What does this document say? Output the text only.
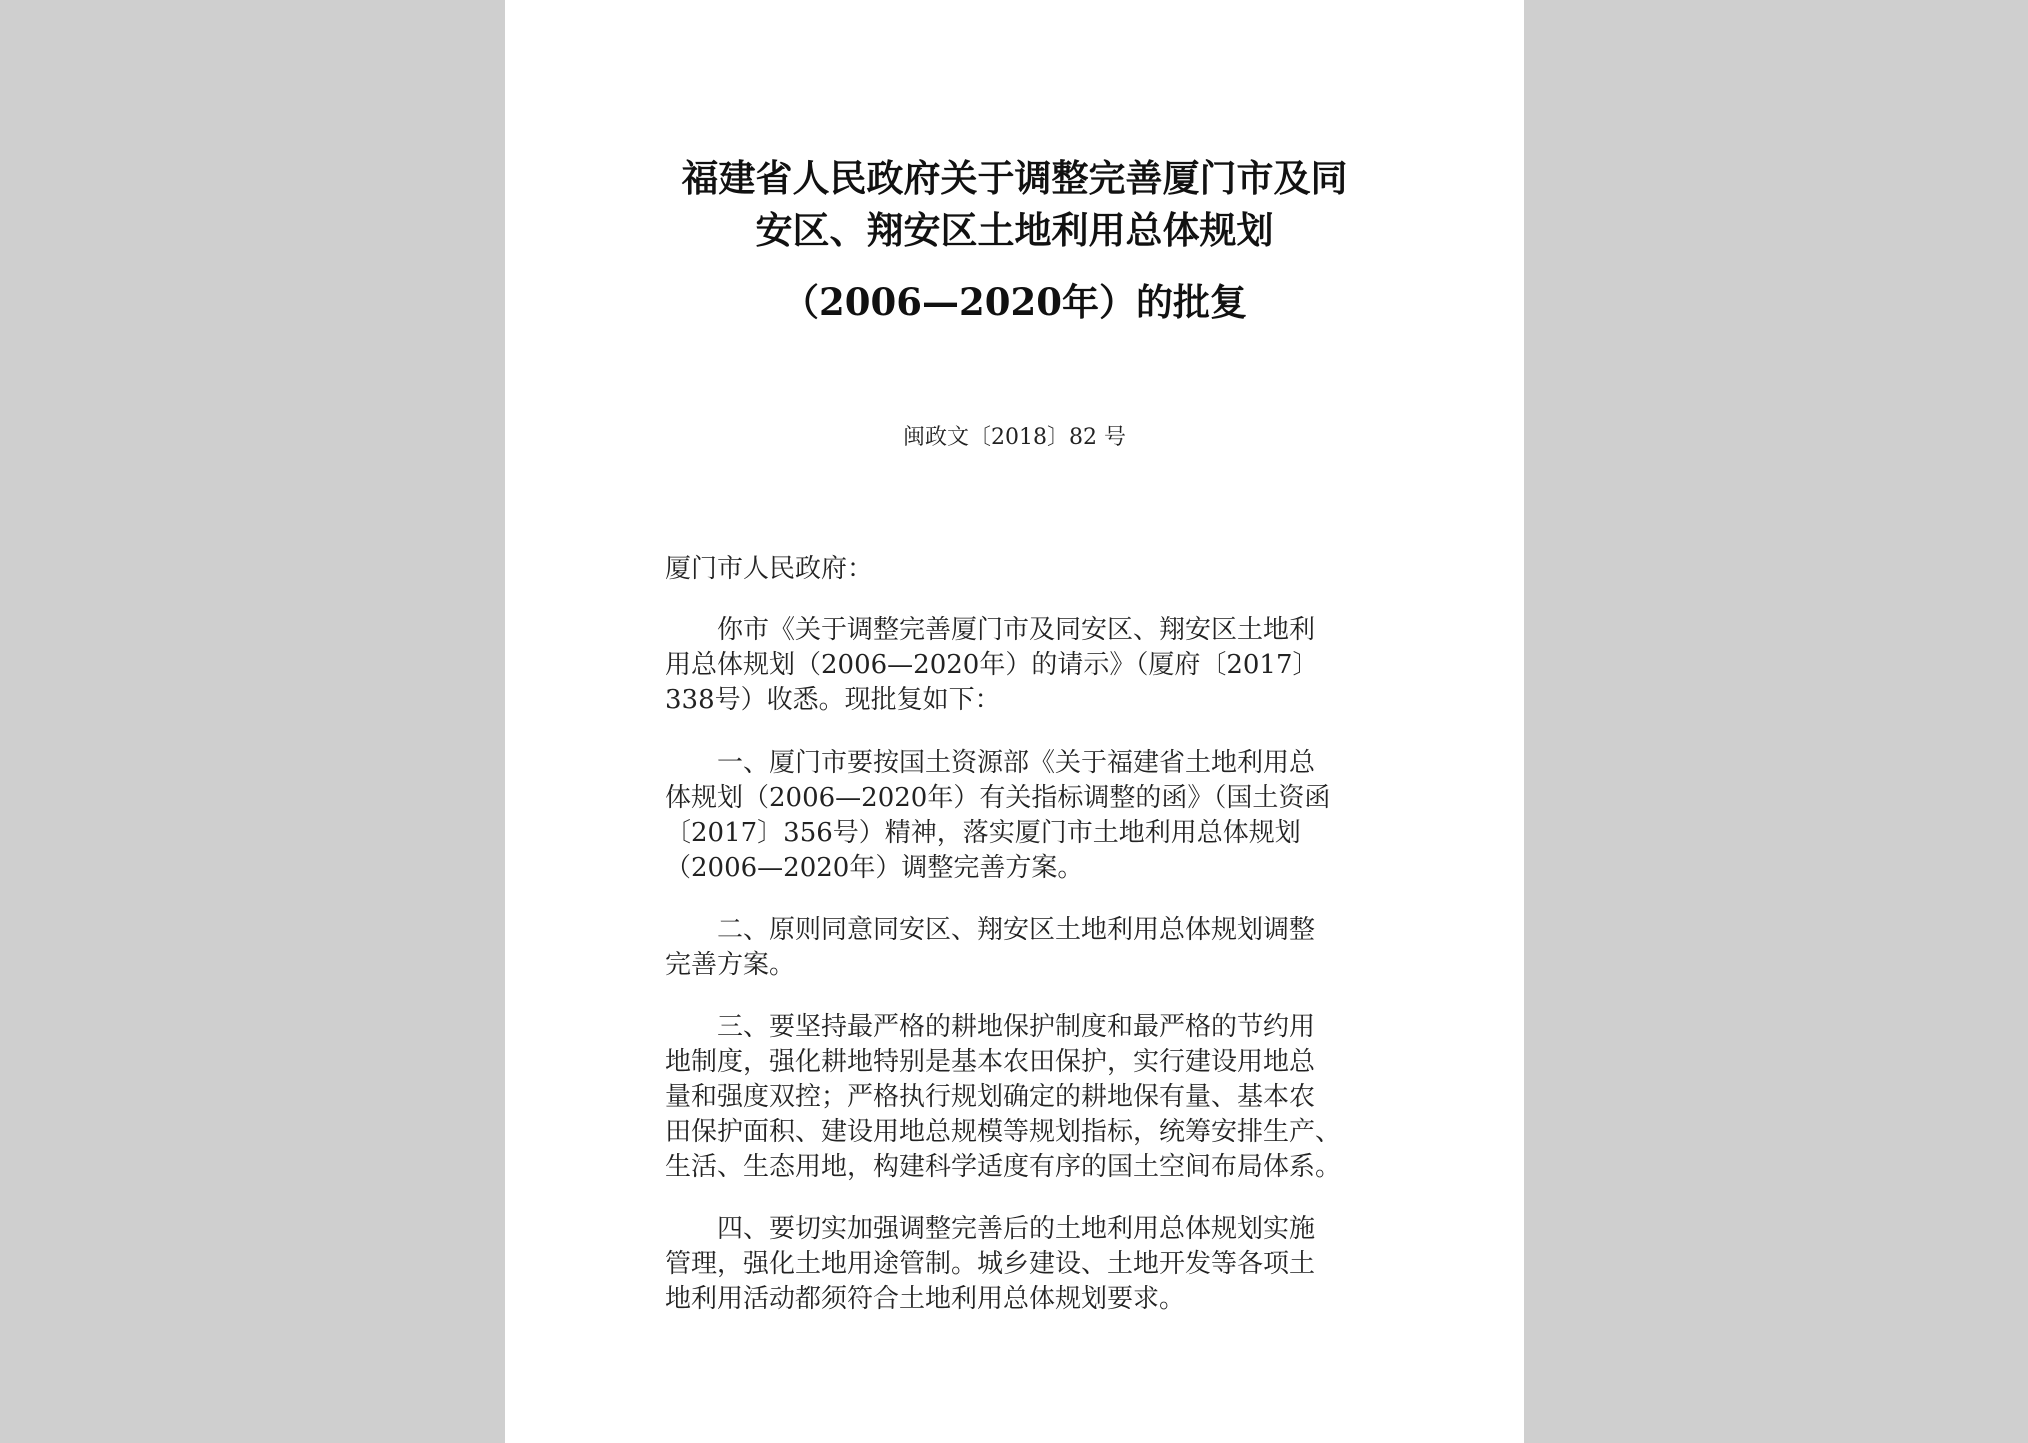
福建省人民政府关于调整完善厦门市及同
安区、翔安区土地利用总体规划
（2006—2020年）的批复
闽政文〔2018〕82 号
厦门市人民政府：
　　你市《关于调整完善厦门市及同安区、翔安区土地利
用总体规划（2006—2020年）的请示》（厦府〔2017〕
338号）收悉。现批复如下：
　　一、厦门市要按国土资源部《关于福建省土地利用总
体规划（2006—2020年）有关指标调整的函》（国土资函
〔2017〕356号）精神，落实厦门市土地利用总体规划
（2006—2020年）调整完善方案。
　　二、原则同意同安区、翔安区土地利用总体规划调整
完善方案。
　　三、要坚持最严格的耕地保护制度和最严格的节约用
地制度，强化耕地特别是基本农田保护，实行建设用地总
量和强度双控；严格执行规划确定的耕地保有量、基本农
田保护面积、建设用地总规模等规划指标，统筹安排生产、
生活、生态用地，构建科学适度有序的国土空间布局体系。
　　四、要切实加强调整完善后的土地利用总体规划实施
管理，强化土地用途管制。城乡建设、土地开发等各项土
地利用活动都须符合土地利用总体规划要求。
